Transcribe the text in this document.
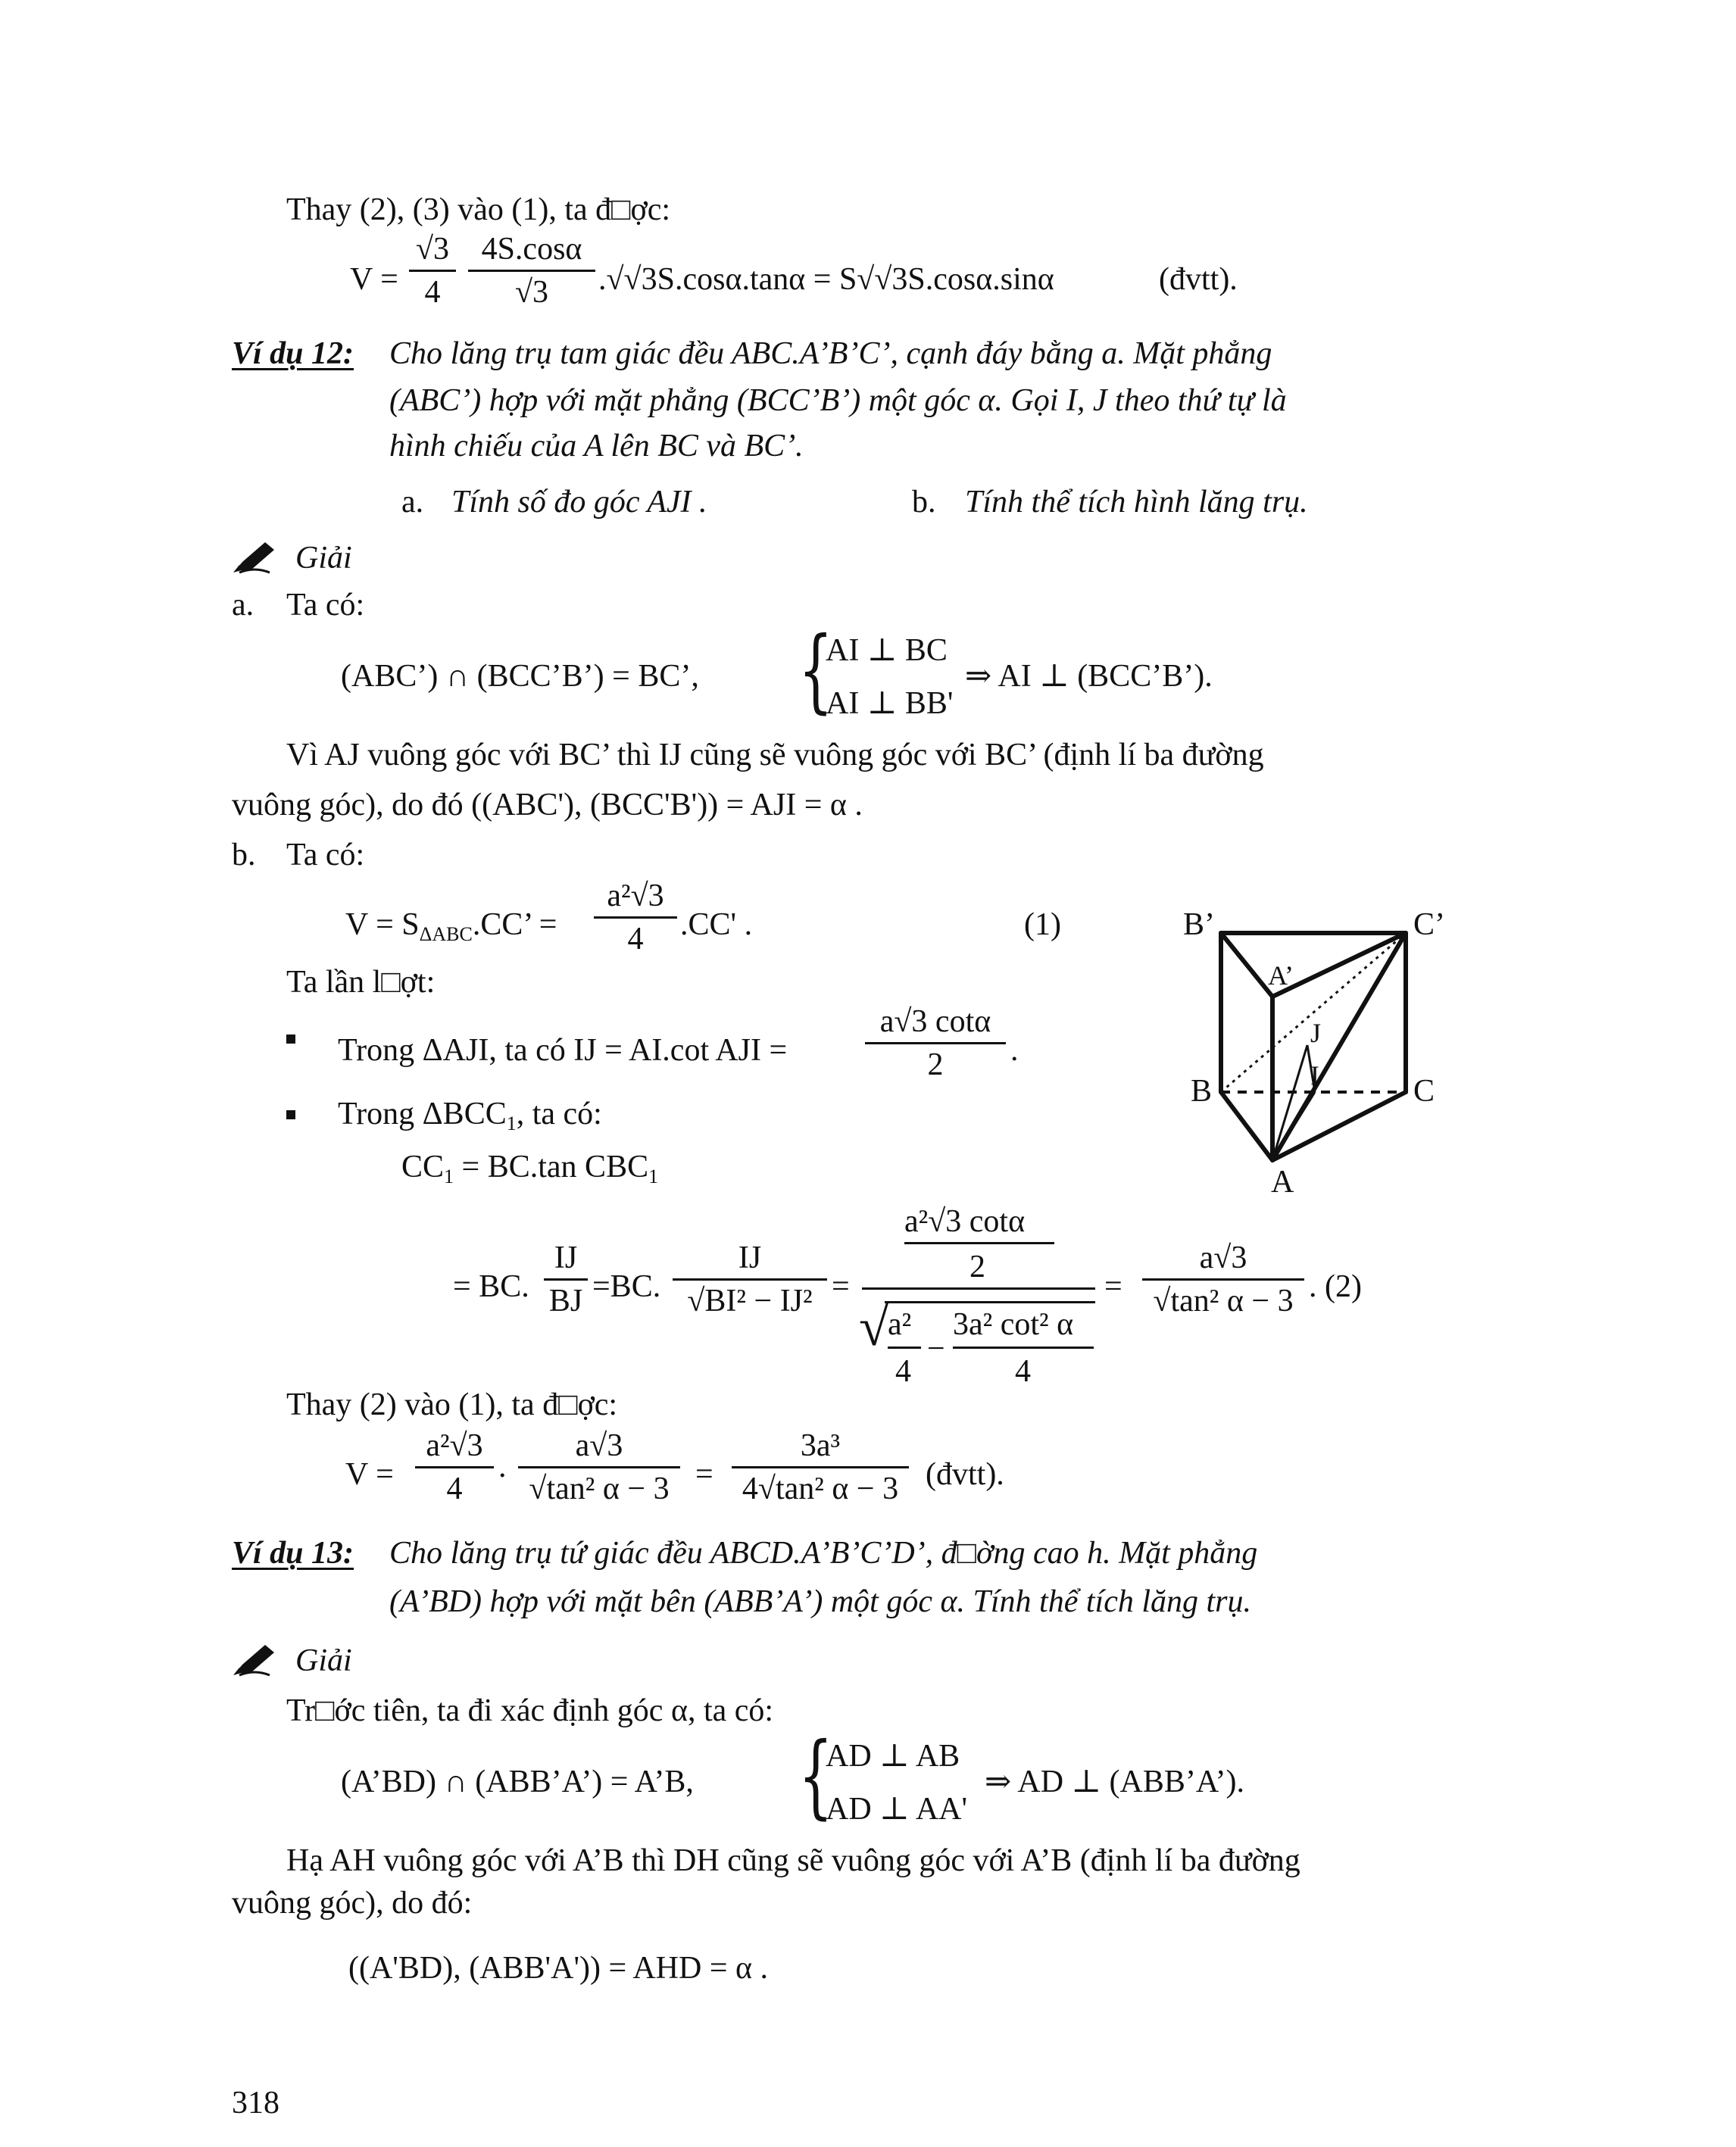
Thay (2), (3) vào (1), ta đ□ợc:
V =
√3
4
4S.cosα
√3	.√√3S.cosα.tanα = S√√3S.cosα.sinα	(đvtt).
Ví dụ 12: Cho lăng trụ tam giác đều ABC.A’B’C’, cạnh đáy bằng a. Mặt phẳng
(ABC’) hợp với mặt phẳng (BCC’B’) một góc α. Gọi I, J theo thứ tự là
hình chiếu của A lên BC và BC’.
a. Tính số đo góc AJI .	b. Tính thể tích hình lăng trụ.
Giải
a. Ta có:
(ABC’) ∩ (BCC’B’) = BC’, {
AI ⊥ BC
AI ⊥ BB'
⇒ AI ⊥ (BCC’B’).
Vì AJ vuông góc với BC’ thì IJ cũng sẽ vuông góc với BC’ (định lí ba đường
vuông góc), do đó ((ABC'), (BCC'B')) = AJI = α .
b. Ta có:
$V = S_{\Delta ABC}.CC$’ =
a²√3
4	.CC' .	(1)
Ta lần l□ợt:
Trong ΔAJI, ta có IJ = AI.cot AJI =
a√3 cotα
2	.
Trong $\Delta BCC_1$, ta có:
$CC_1 = BC.\tan$ $CBC_1$
= BC.
IJ
BJ =BC.
IJ
√BI² − IJ² =
a²√3 cotα
2
√
a²
4
−
3a² cot² α
4
=
a√3
√tan² α − 3 . (2)
Thay (2) vào (1), ta đ□ợc:
V =
a²√3
4
.
a√3
√tan² α − 3 =
3a³
4√tan² α − 3 (đvtt).
B’	C’
A’
J
I
B	C
A
Ví dụ 13: Cho lăng trụ tứ giác đều ABCD.A’B’C’D’, đ□ờng cao h. Mặt phẳng
(A’BD) hợp với mặt bên (ABB’A’) một góc α. Tính thể tích lăng trụ.
Giải
Tr□ớc tiên, ta đi xác định góc α, ta có:
(A’BD) ∩ (ABB’A’) = A’B, {
AD ⊥ AB
AD ⊥ AA'
⇒ AD ⊥ (ABB’A’).
Hạ AH vuông góc với A’B thì DH cũng sẽ vuông góc với A’B (định lí ba đường
vuông góc), do đó:
((A'BD), (ABB'A')) = AHD = α .
318
